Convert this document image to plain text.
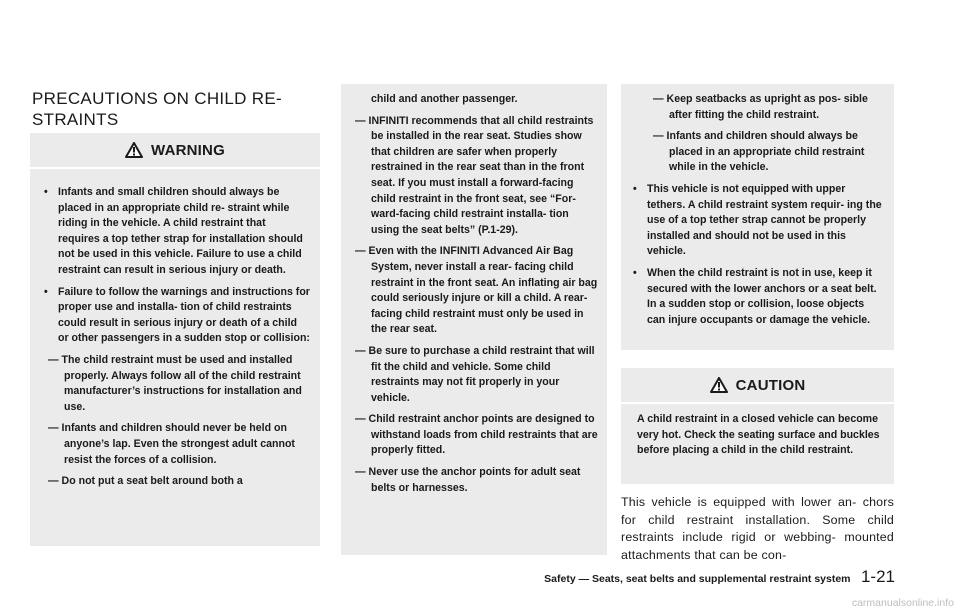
PRECAUTIONS ON CHILD RE- STRAINTS
WARNING
• Infants and small children should always be placed in an appropriate child re- straint while riding in the vehicle. A child restraint that requires a top tether strap for installation should not be used in this vehicle. Failure to use a child restraint can result in serious injury or death.
• Failure to follow the warnings and instructions for proper use and installa- tion of child restraints could result in serious injury or death of a child or other passengers in a sudden stop or collision:
— The child restraint must be used and installed properly. Always follow all of the child restraint manufacturer’s instructions for installation and use.
— Infants and children should never be held on anyone’s lap. Even the strongest adult cannot resist the forces of a collision.
— Do not put a seat belt around both a
child and another passenger.
— INFINITI recommends that all child restraints be installed in the rear seat. Studies show that children are safer when properly restrained in the rear seat than in the front seat. If you must install a forward-facing child restraint in the front seat, see “For- ward-facing child restraint installa- tion using the seat belts” (P.1-29).
— Even with the INFINITI Advanced Air Bag System, never install a rear- facing child restraint in the front seat. An inflating air bag could seriously injure or kill a child. A rear-facing child restraint must only be used in the rear seat.
— Be sure to purchase a child restraint that will fit the child and vehicle. Some child restraints may not fit properly in your vehicle.
— Child restraint anchor points are designed to withstand loads from child restraints that are properly fitted.
— Never use the anchor points for adult seat belts or harnesses.
— Keep seatbacks as upright as pos- sible after fitting the child restraint.
— Infants and children should always be placed in an appropriate child restraint while in the vehicle.
• This vehicle is not equipped with upper tethers. A child restraint system requir- ing the use of a top tether strap cannot be properly installed and should not be used in this vehicle.
• When the child restraint is not in use, keep it secured with the lower anchors or a seat belt. In a sudden stop or collision, loose objects can injure occupants or damage the vehicle.
CAUTION
A child restraint in a closed vehicle can become very hot. Check the seating surface and buckles before placing a child in the child restraint.
This vehicle is equipped with lower an- chors for child restraint installation. Some child restraints include rigid or webbing- mounted attachments that can be con-
Safety — Seats, seat belts and supplemental restraint system 1-21
carmanualsonline.info
